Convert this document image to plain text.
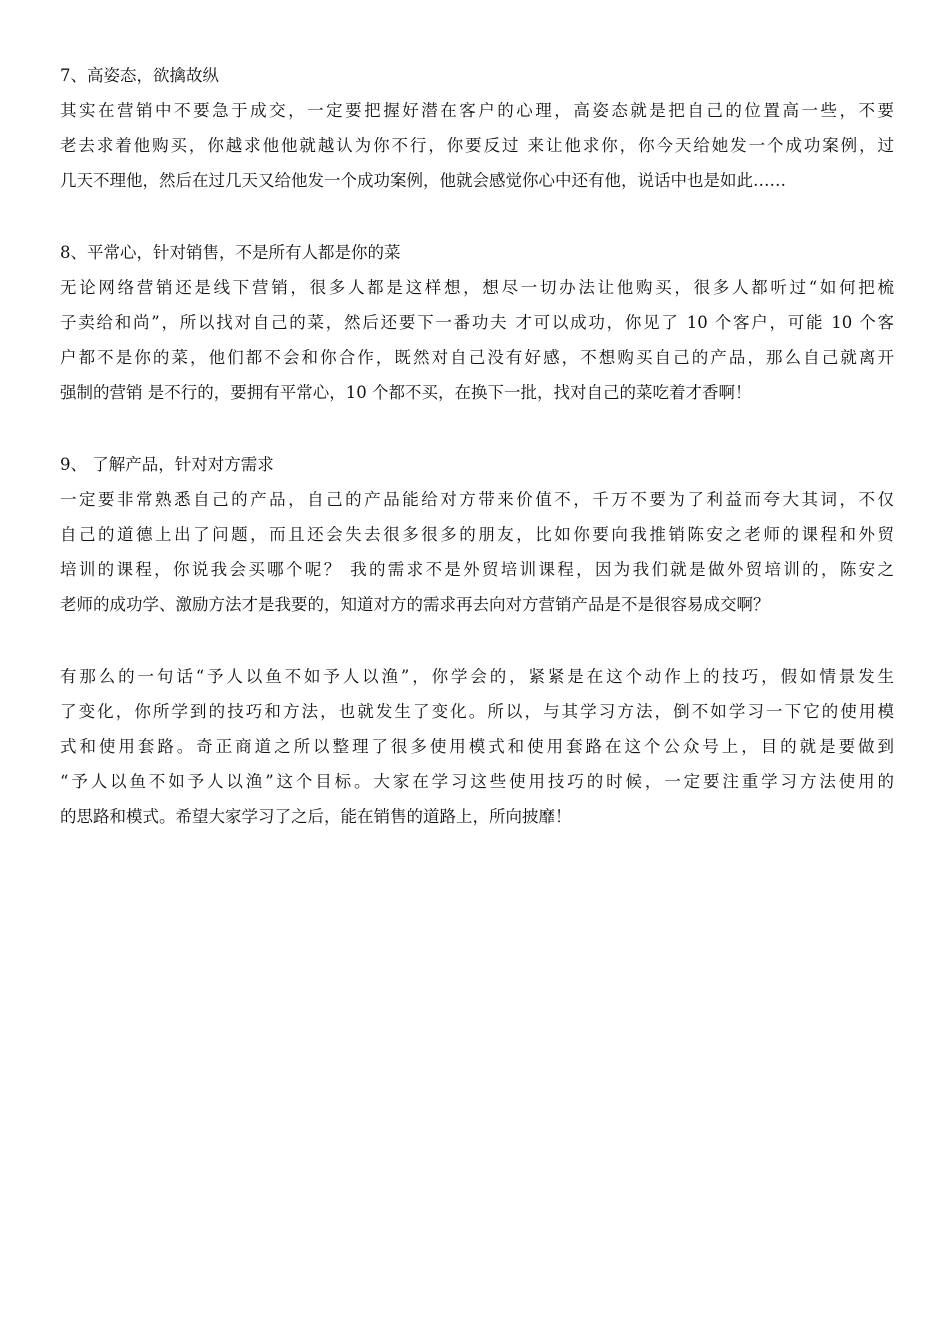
7、高姿态，欲擒故纵
其实在营销中不要急于成交，一定要把握好潜在客户的心理，高姿态就是把自己的位置高一些，不要
老去求着他购买，你越求他他就越认为你不行，你要反过 来让他求你，你今天给她发一个成功案例，过
几天不理他，然后在过几天又给他发一个成功案例，他就会感觉你心中还有他，说话中也是如此……
8、平常心，针对销售，不是所有人都是你的菜
无论网络营销还是线下营销，很多人都是这样想，想尽一切办法让他购买，很多人都听过“如何把梳
子卖给和尚”，所以找对自己的菜，然后还要下一番功夫 才可以成功，你见了 10 个客户，可能 10 个客
户都不是你的菜，他们都不会和你合作，既然对自己没有好感，不想购买自己的产品，那么自己就离开
强制的营销 是不行的，要拥有平常心，10 个都不买，在换下一批，找对自己的菜吃着才香啊！
9、 了解产品，针对对方需求
一定要非常熟悉自己的产品，自己的产品能给对方带来价值不，千万不要为了利益而夸大其词，不仅
自己的道德上出了问题，而且还会失去很多很多的朋友，比如你要向我推销陈安之老师的课程和外贸
培训的课程，你说我会买哪个呢？ 我的需求不是外贸培训课程，因为我们就是做外贸培训的，陈安之
老师的成功学、激励方法才是我要的，知道对方的需求再去向对方营销产品是不是很容易成交啊？
有那么的一句话“予人以鱼不如予人以渔”，你学会的，紧紧是在这个动作上的技巧，假如情景发生
了变化，你所学到的技巧和方法，也就发生了变化。所以，与其学习方法，倒不如学习一下它的使用模
式和使用套路。奇正商道之所以整理了很多使用模式和使用套路在这个公众号上，目的就是要做到
“予人以鱼不如予人以渔”这个目标。大家在学习这些使用技巧的时候，一定要注重学习方法使用的
的思路和模式。希望大家学习了之后，能在销售的道路上，所向披靡！
